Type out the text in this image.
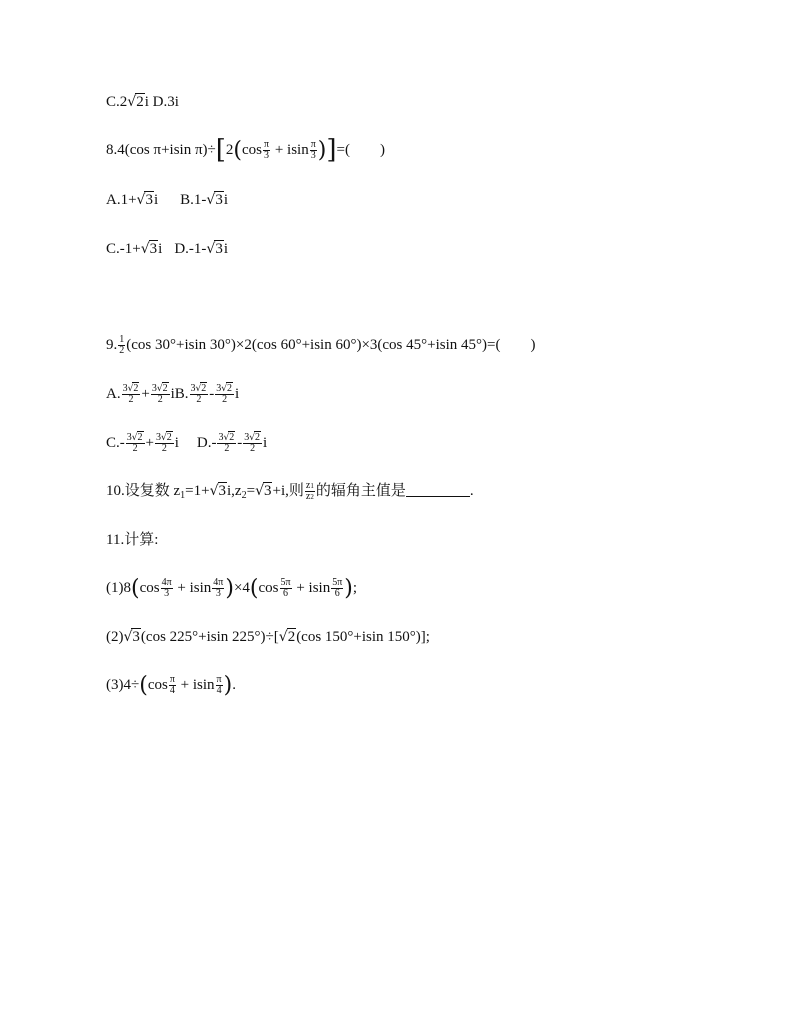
C.2√2i D.3i
8.4(cos π+isin $\pi)\div[2(\cos \frac{\pi}{3} + isin \frac{\pi}{3}$ )]=(　　)
A.1+√3i B.1-√3i
C.-1+√3i D.-1-√3i
9. $\frac{1}{2} (\cos$ 30°+isin 30°)×2(cos 60°+isin 60°)×3(cos 45°+isin 45°)=(　　)
A. $\frac{3√2}{2} + \frac{3√2}{2}$ iB. $\frac{3√2}{2} - \frac{3√2}{2}$ i
$C.- \frac{3√2}{2} + \frac{3√2}{2}$ i $D.- \frac{3√2}{2} - \frac{3√2}{2}$ i
10.设复数 $z_1=1+√3i,z_2=√3+i$,则 $\frac{z1}{z2}$ 的辐角主值是	.
11.计算:
$(1)8(\cos \frac{4\pi}{3} + isin \frac{4\pi}{3} )\times 4(\cos \frac{5\pi}{6} + isin \frac{5\pi}{6}$ );
(2)√3(cos 225°+isin 225°)÷[√2(cos 150°+isin 150°)];
$(3)4\div(\cos \frac{\pi}{4} + isin \frac{\pi}{4}$ ).
